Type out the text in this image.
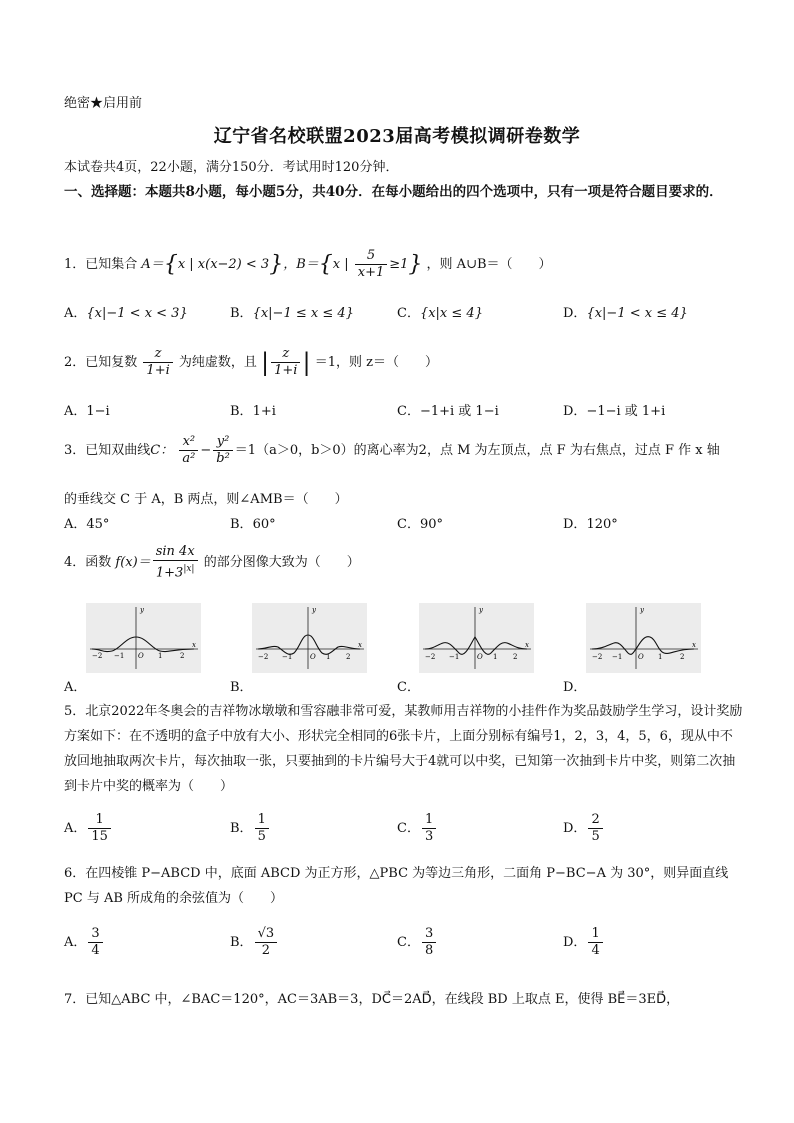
绝密★启用前
辽宁省名校联盟2023届高考模拟调研卷数学
本试卷共4页，22小题，满分150分．考试用时120分钟．
一、选择题：本题共8小题，每小题5分，共40分．在每小题给出的四个选项中，只有一项是符合题目要求的．
1．已知集合 A＝{x | x(x−2) < 3}，B＝{x | $\frac{5}{x+1} \ge 1$} ，则 A∪B＝（　　）
A．{x|−1 < x < 3}	B．{x|−1 ≤ x ≤ 4}	C．{x|x ≤ 4}	D．{x|−1 < x ≤ 4}
2．已知复数 $\frac{z}{1+i}$ 为纯虚数，且 | $\frac{z}{1+i}$ | ＝1，则 z＝（　　）
A．1−i	B．1+i	C．−1+i 或 1−i	D．−1−i 或 1+i
3．已知双曲线C： $\frac{\text{x²}}{\text{a²}} - \frac{\text{y²}}{\text{b²}} =1(a>0$，b＞0）的离心率为2，点 M 为左顶点，点 F 为右焦点，过点 F 作 x 轴
的垂线交 C 于 A，B 两点，则∠AMB＝（　　）
A．45°	B．60°	C．90°	D．120°
4．函数 $f(x)= \frac{\sin 4x}{1+3^{|x|}}$ 的部分图像大致为（　　）
A．	B．	C．	D．
y
x
−2 −1 O 1	2
y
x
−2 −1	O 1 2
y
x
−2 −1	O 1 2
y
x
−2 −1 O 1	2
5．北京2022年冬奥会的吉祥物冰墩墩和雪容融非常可爱，某教师用吉祥物的小挂件作为奖品鼓励学生学习，设计奖励方案如下：在不透明的盒子中放有大小、形状完全相同的6张卡片，上面分别标有编号1，2，3，4，5，6，现从中不放回地抽取两次卡片，每次抽取一张，只要抽到的卡片编号大于4就可以中奖，已知第一次抽到卡片中奖，则第二次抽到卡片中奖的概率为（　　）
A． $\frac{1}{15}$	B． $\frac{1}{5}$	C． $\frac{1}{3}$	D． $\frac{2}{5}$
6．在四棱锥 P−ABCD 中，底面 ABCD 为正方形，△PBC 为等边三角形，二面角 P−BC−A 为 30°，则异面直线 PC 与 AB 所成角的余弦值为（　　）
A． $\frac{3}{4}$	B． $\frac{√3}{2}$	C． $\frac{3}{8}$	D． $\frac{1}{4}$
7．已知△ABC 中，∠BAC＝120°，AC＝3AB＝3，DC⃗＝2AD⃗，在线段 BD 上取点 E，使得 BE⃗＝3ED⃗，
